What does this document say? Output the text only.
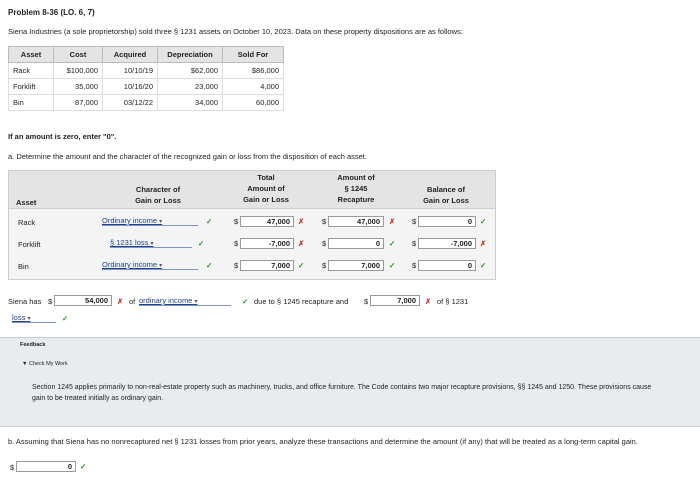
Problem 8-36 (LO. 6, 7)
Siena Industries (a sole proprietorship) sold three § 1231 assets on October 10, 2023. Data on these property dispositions are as follows:
Asset	Cost	Acquired	Depreciation	Sold For
Rack	$100,000	10/10/19	$62,000	$86,000
Forklift	35,000	10/16/20	23,000	4,000
Bin	87,000	03/12/22	34,000	60,000
If an amount is zero, enter "0".
a. Determine the amount and the character of the recognized gain or loss from the disposition of each asset.
Asset
Character of
Gain or Loss
Total
Amount of
Gain or Loss
Amount of
§ 1245
Recapture
Balance of
Gain or Loss
Rack	Ordinary income ▾	✓	$	47,000	✗ $	47,000	✗ $	0	✓
Forklift	§ 1231 loss ▾	✓	$	-7,000	✗ $	0	✓ $	-7,000	✗
Bin	Ordinary income ▾	✓	$	7,000	✓ $	7,000	✓ $	0	✓
Siena has $	54,000	✗ of ordinary income ▾	✓ due to § 1245 recapture and $	7,000	✗ of § 1231
loss ▾	✓
Feedback
▼ Check My Work
Section 1245 applies primarily to non-real-estate property such as machinery, trucks, and office furniture. The Code contains two major recapture provisions, §§ 1245 and 1250. These provisions cause gain to be treated initially as ordinary gain.
b. Assuming that Siena has no nonrecaptured net § 1231 losses from prior years, analyze these transactions and determine the amount (if any) that will be treated as a long-term capital gain.
$	0	✓
